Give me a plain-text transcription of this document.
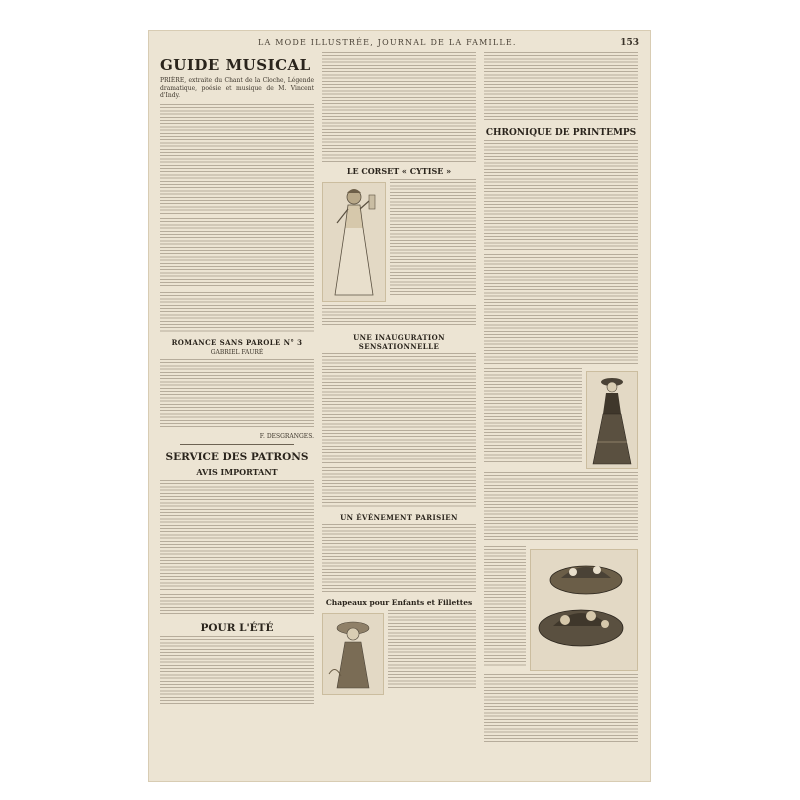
LA MODE ILLUSTRÉE, JOURNAL DE LA FAMILLE.	153
GUIDE MUSICAL
PRIÈRE, extraite du Chant de la Cloche, Légende dramatique, poésie et musique de M. Vincent d'Indy.
ROMANCE SANS PAROLE N° 3
GABRIEL FAURÉ
F. DESGRANGES.
SERVICE DES PATRONS
AVIS IMPORTANT
POUR L'ÉTÉ
LE CORSET « CYTISE »
UNE INAUGURATION SENSATIONNELLE
UN ÉVÉNEMENT PARISIEN
Chapeaux pour Enfants et Fillettes
CHRONIQUE DE PRINTEMPS
